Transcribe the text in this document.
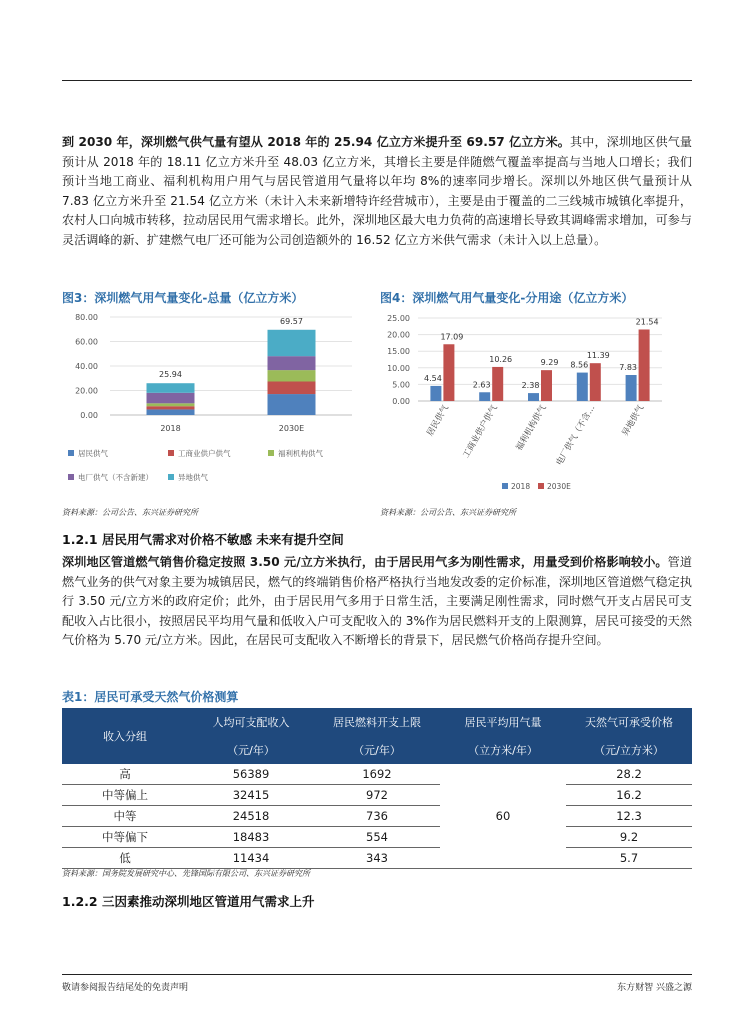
到 2030 年，深圳燃气供气量有望从 2018 年的 25.94 亿立方米提升至 69.57 亿立方米。其中，深圳地区供气量预计从 2018 年的 18.11 亿立方米升至 48.03 亿立方米，其增长主要是伴随燃气覆盖率提高与当地人口增长；我们预计当地工商业、福利机构用户用气与居民管道用气量将以年均 8%的速率同步增长。深圳以外地区供气量预计从 7.83 亿立方米升至 21.54 亿立方米（未计入未来新增特许经营城市），主要是由于覆盖的二三线城市城镇化率提升，农村人口向城市转移，拉动居民用气需求增长。此外，深圳地区最大电力负荷的高速增长导致其调峰需求增加，可参与灵活调峰的新、扩建燃气电厂还可能为公司创造额外的 16.52 亿立方米供气需求（未计入以上总量）。

图3：深圳燃气用气量变化-总量（亿立方米）	图4：深圳燃气用气量变化-分用途（亿立方米）
0.00
20.00
40.00
60.00
80.00
25.94
2018
69.57
2030E
居民供气	工商业供户供气	福利机构供气
电厂供气（不含新建）	异地供气
0.00
5.00
10.00
15.00
20.00
25.00
4.54
17.09
居民供气
2.63
10.26
工商业供户供气
2.38
9.29
福利机构供气
8.56
11.39
电厂供气（不含…
7.83
21.54
异地供气
2018 2030E
资料来源：公司公告、东兴证券研究所	资料来源：公司公告、东兴证券研究所
1.2.1 居民用气需求对价格不敏感 未来有提升空间

深圳地区管道燃气销售价稳定按照 3.50 元/立方米执行，由于居民用气多为刚性需求，用量受到价格影响较小。管道燃气业务的供气对象主要为城镇居民，燃气的终端销售价格严格执行当地发改委的定价标准，深圳地区管道燃气稳定执行 3.50 元/立方米的政府定价；此外，由于居民用气多用于日常生活，主要满足刚性需求，同时燃气开支占居民可支配收入占比很小，按照居民平均用气量和低收入户可支配收入的 3%作为居民燃料开支的上限测算，居民可接受的天然气价格为 5.70 元/立方米。因此，在居民可支配收入不断增长的背景下，居民燃气价格尚存提升空间。

表1：居民可承受天然气价格测算
收入分组	人均可支配收入	居民燃料开支上限	居民平均用气量	天然气可承受价格
	（元/年）	（元/年）	（立方米/年）	（元/立方米）
高	56389	1692	60	28.2
中等偏上	32415	972		16.2
中等	24518	736		12.3
中等偏下	18483	554		9.2
低	11434	343		5.7
资料来源：国务院发展研究中心、先锋国际有限公司、东兴证券研究所
1.2.2 三因素推动深圳地区管道用气需求上升
敬请参阅报告结尾处的免责声明	东方财智 兴盛之源
